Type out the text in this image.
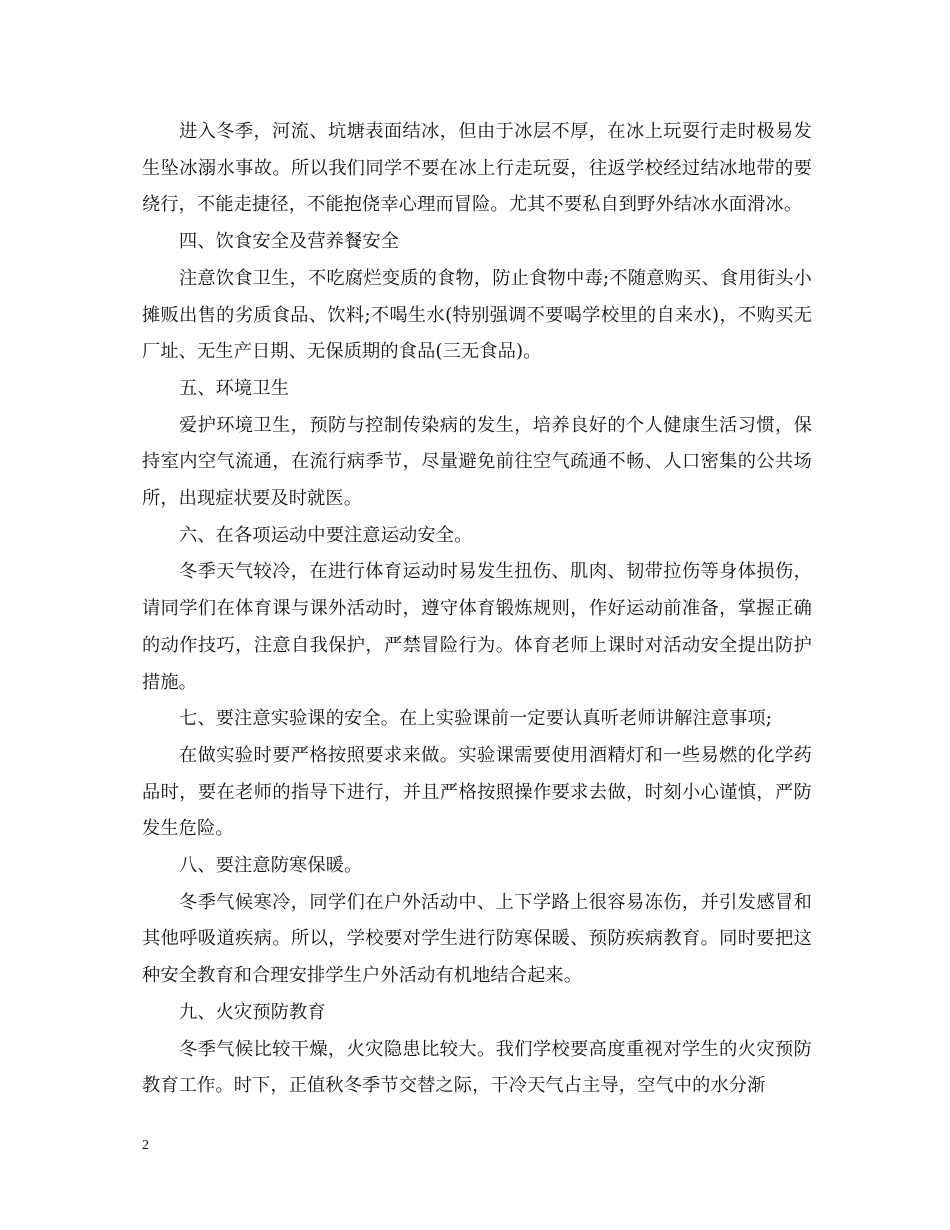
进入冬季，河流、坑塘表面结冰，但由于冰层不厚，在冰上玩耍行走时极易发生坠冰溺水事故。所以我们同学不要在冰上行走玩耍，往返学校经过结冰地带的要绕行，不能走捷径，不能抱侥幸心理而冒险。尤其不要私自到野外结冰水面滑冰。

四、饮食安全及营养餐安全

注意饮食卫生，不吃腐烂变质的食物，防止食物中毒;不随意购买、食用街头小摊贩出售的劣质食品、饮料;不喝生水(特别强调不要喝学校里的自来水)，不购买无厂址、无生产日期、无保质期的食品(三无食品)。

五、环境卫生

爱护环境卫生，预防与控制传染病的发生，培养良好的个人健康生活习惯，保持室内空气流通，在流行病季节，尽量避免前往空气疏通不畅、人口密集的公共场所，出现症状要及时就医。

六、在各项运动中要注意运动安全。

冬季天气较冷，在进行体育运动时易发生扭伤、肌肉、韧带拉伤等身体损伤，请同学们在体育课与课外活动时，遵守体育锻炼规则，作好运动前准备，掌握正确的动作技巧，注意自我保护，严禁冒险行为。体育老师上课时对活动安全提出防护措施。

七、要注意实验课的安全。在上实验课前一定要认真听老师讲解注意事项;

在做实验时要严格按照要求来做。实验课需要使用酒精灯和一些易燃的化学药品时，要在老师的指导下进行，并且严格按照操作要求去做，时刻小心谨慎，严防发生危险。

八、要注意防寒保暖。

冬季气候寒冷，同学们在户外活动中、上下学路上很容易冻伤，并引发感冒和其他呼吸道疾病。所以，学校要对学生进行防寒保暖、预防疾病教育。同时要把这种安全教育和合理安排学生户外活动有机地结合起来。

九、火灾预防教育

冬季气候比较干燥，火灾隐患比较大。我们学校要高度重视对学生的火灾预防教育工作。时下，正值秋冬季节交替之际，干冷天气占主导，空气中的水分渐

2
